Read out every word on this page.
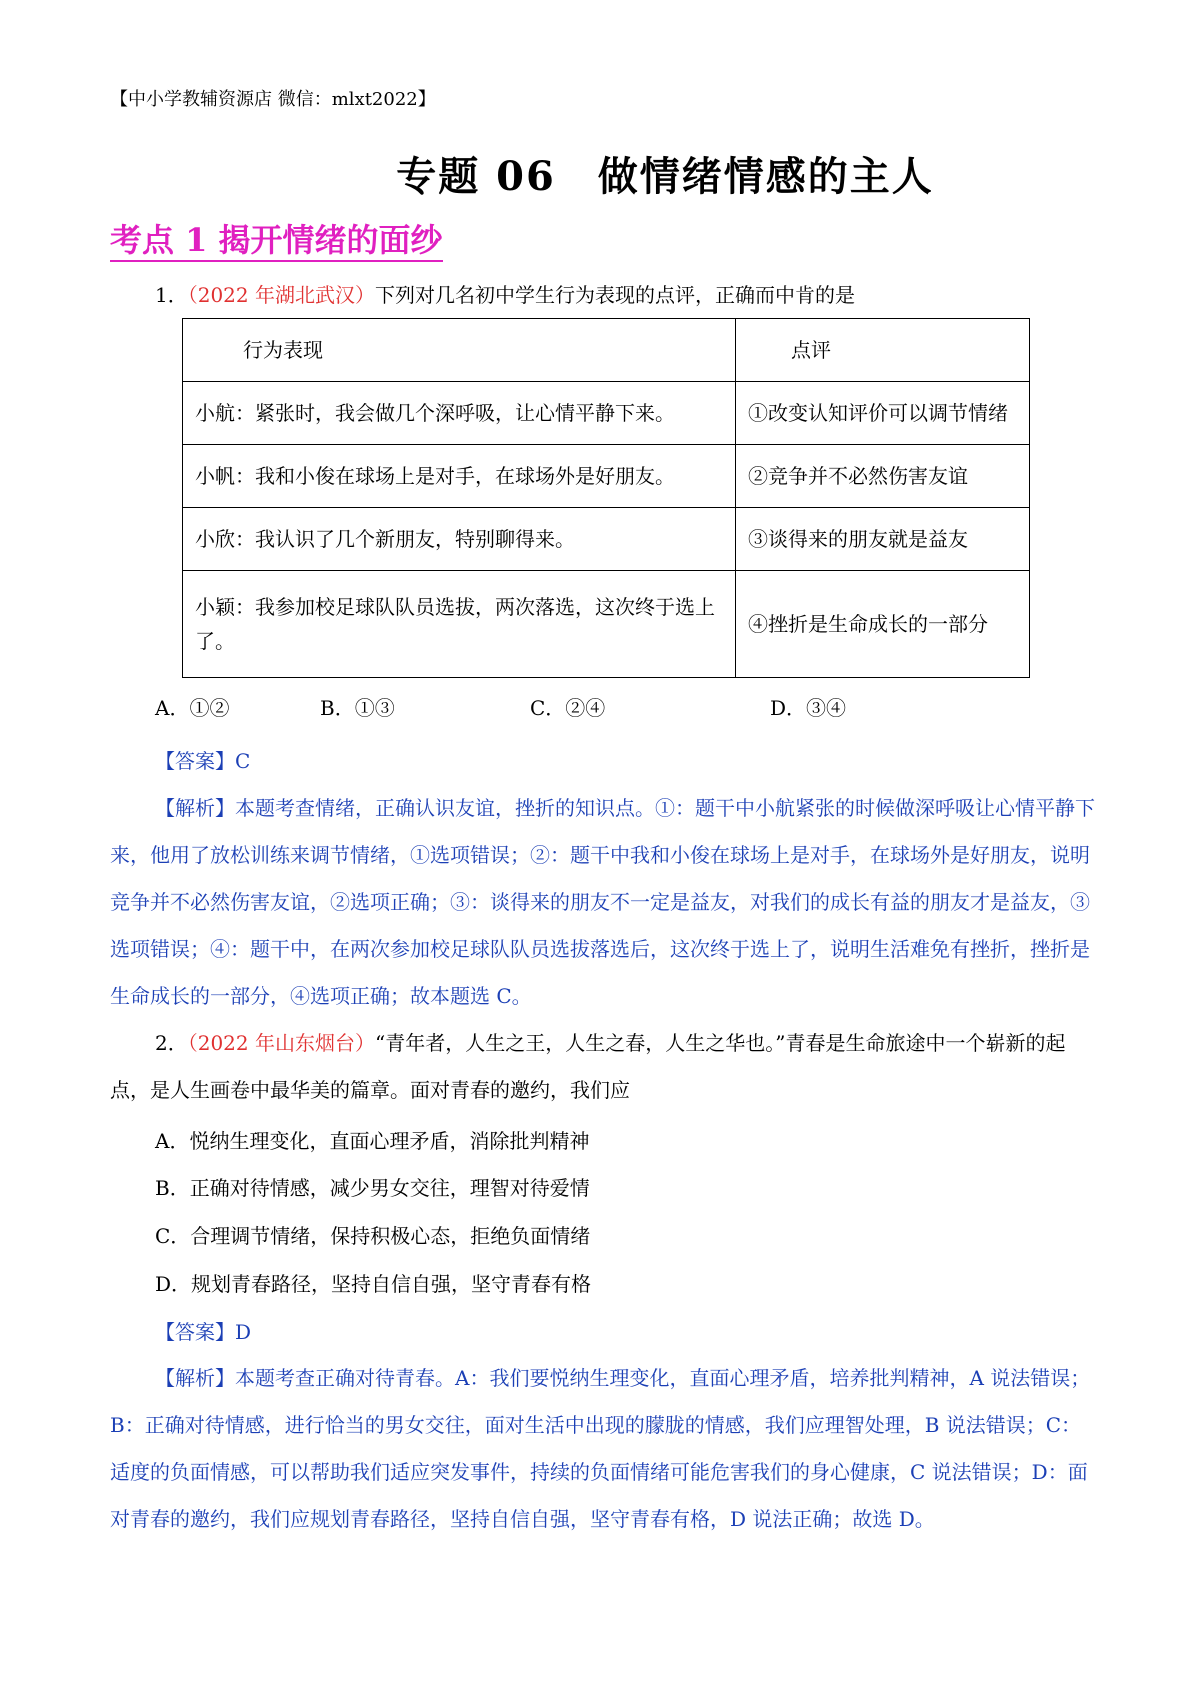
【中小学教辅资源店 微信：mlxt2022】
专题 06　做情绪情感的主人
考点 1 揭开情绪的面纱
1．（2022 年湖北武汉）下列对几名初中学生行为表现的点评，正确而中肯的是
行为表现	点评
小航：紧张时，我会做几个深呼吸，让心情平静下来。	①改变认知评价可以调节情绪
小帆：我和小俊在球场上是对手，在球场外是好朋友。	②竞争并不必然伤害友谊
小欣：我认识了几个新朋友，特别聊得来。	③谈得来的朋友就是益友
小颖：我参加校足球队队员选拔，两次落选，这次终于选上了。	④挫折是生命成长的一部分
A．①②	B．①③	C．②④	D．③④
【答案】C
【解析】本题考查情绪，正确认识友谊，挫折的知识点。①：题干中小航紧张的时候做深呼吸让心情平静下来，他用了放松训练来调节情绪，①选项错误；②：题干中我和小俊在球场上是对手，在球场外是好朋友，说明竞争并不必然伤害友谊，②选项正确；③：谈得来的朋友不一定是益友，对我们的成长有益的朋友才是益友，③选项错误；④：题干中，在两次参加校足球队队员选拔落选后，这次终于选上了，说明生活难免有挫折，挫折是生命成长的一部分，④选项正确；故本题选 C。
2．（2022 年山东烟台）“青年者，人生之王，人生之春，人生之华也。”青春是生命旅途中一个崭新的起点，是人生画卷中最华美的篇章。面对青春的邀约，我们应
A．悦纳生理变化，直面心理矛盾，消除批判精神
B．正确对待情感，减少男女交往，理智对待爱情
C．合理调节情绪，保持积极心态，拒绝负面情绪
D．规划青春路径，坚持自信自强，坚守青春有格
【答案】D
【解析】本题考查正确对待青春。A：我们要悦纳生理变化，直面心理矛盾，培养批判精神，A 说法错误；B：正确对待情感，进行恰当的男女交往，面对生活中出现的朦胧的情感，我们应理智处理，B 说法错误；C：适度的负面情感，可以帮助我们适应突发事件，持续的负面情绪可能危害我们的身心健康，C 说法错误；D：面对青春的邀约，我们应规划青春路径，坚持自信自强，坚守青春有格，D 说法正确；故选 D。
